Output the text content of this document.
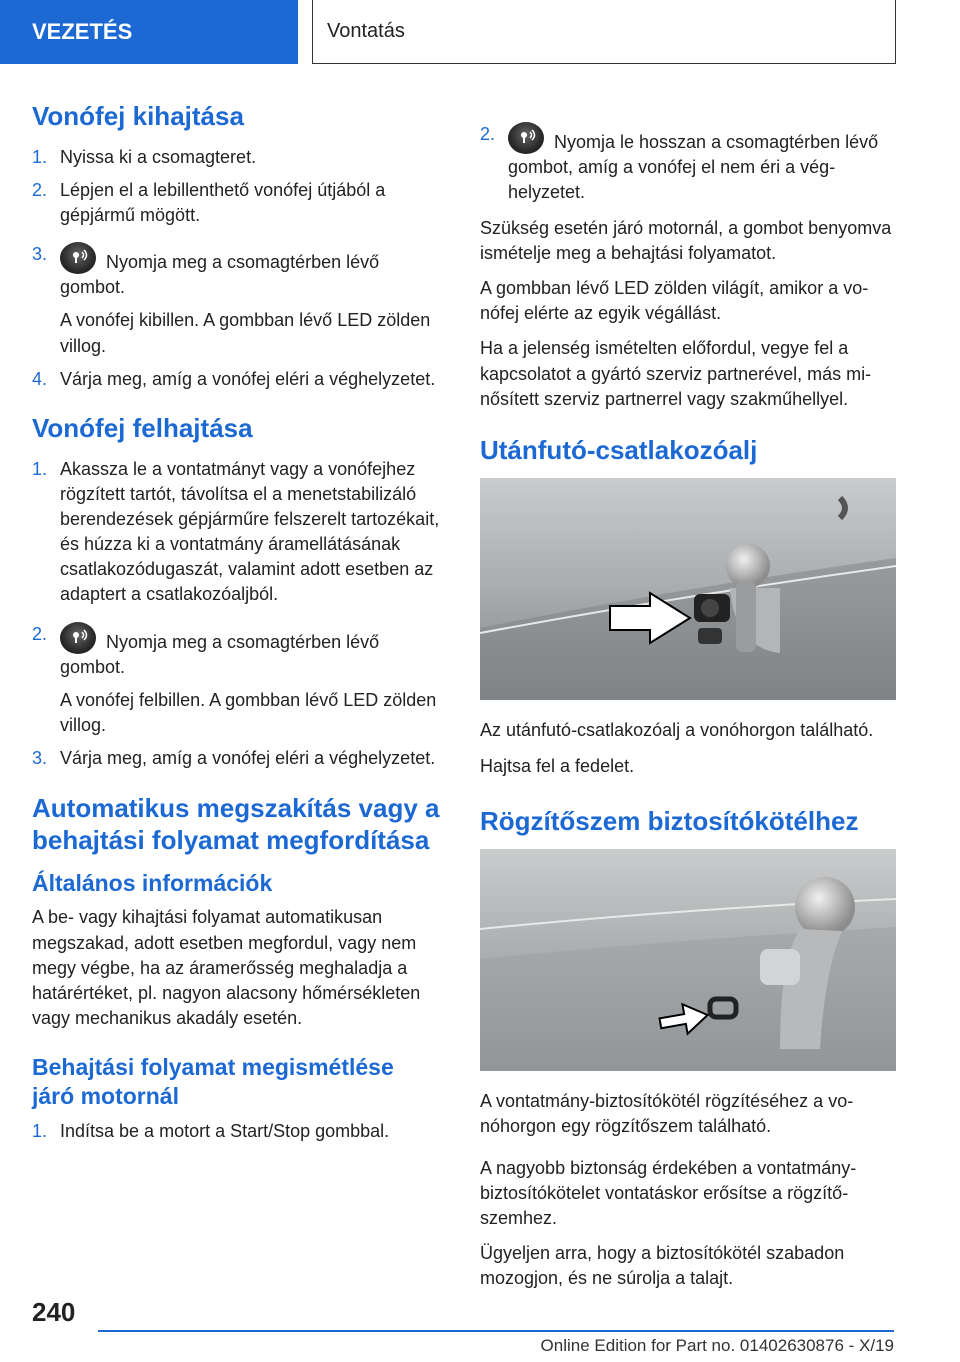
VEZETÉS	Vontatás
Vonófej kihajtása
1. Nyissa ki a csomagteret.
2. Lépjen el a lebillenthető vonófej útjából a gépjármű mögött.
3.	Nyomja meg a csomagtérben lévő gombot.
A vonófej kibillen. A gombban lévő LED zölden villog.
4. Várja meg, amíg a vonófej eléri a véghelyzetet.
Vonófej felhajtása
1. Akassza le a vontatmányt vagy a vonófejhez rögzített tartót, távolítsa el a menetstabilizáló berendezések gépjárműre felszerelt tartozékait, és húzza ki a vontatmány áramellátásának csatlakozódugaszát, valamint adott esetben az adaptert a csatlakozóaljból.
2.	Nyomja meg a csomagtérben lévő gombot.
A vonófej felbillen. A gombban lévő LED zölden villog.
3. Várja meg, amíg a vonófej eléri a véghelyzetet.
Automatikus megszakítás vagy a behajtási folyamat megfordítása
Általános információk

A be- vagy kihajtási folyamat automatikusan megszakad, adott esetben megfordul, vagy nem megy végbe, ha az áramerősség meghaladja a határértéket, pl. nagyon alacsony hőmérsékleten vagy mechanikus akadály esetén.

Behajtási folyamat megismétlése járó motornál
1. Indítsa be a motort a Start/Stop gombbal.
2.	Nyomja le hosszan a csomagtérben lévő gombot, amíg a vonófej el nem éri a véghelyzetet.

Szükség esetén járó motornál, a gombot benyomva ismételje meg a behajtási folyamatot.

A gombban lévő LED zölden világít, amikor a vonófej elérte az egyik végállást.

Ha a jelenség ismételten előfordul, vegye fel a kapcsolatot a gyártó szerviz partnerével, más minősített szerviz partnerrel vagy szakműhellyel.

Utánfutó-csatlakozóalj

Az utánfutó-csatlakozóalj a vonóhorgon található.

Hajtsa fel a fedelet.

Rögzítőszem biztosítókötélhez

A vontatmány-biztosítókötél rögzítéséhez a vonóhorgon egy rögzítőszem található.

A nagyobb biztonság érdekében a vontatmány-biztosítókötelet vontatáskor erősítse a rögzítőszemhez.

Ügyeljen arra, hogy a biztosítókötél szabadon mozogjon, és ne súrolja a talajt.

240
Online Edition for Part no. 01402630876 - X/19
